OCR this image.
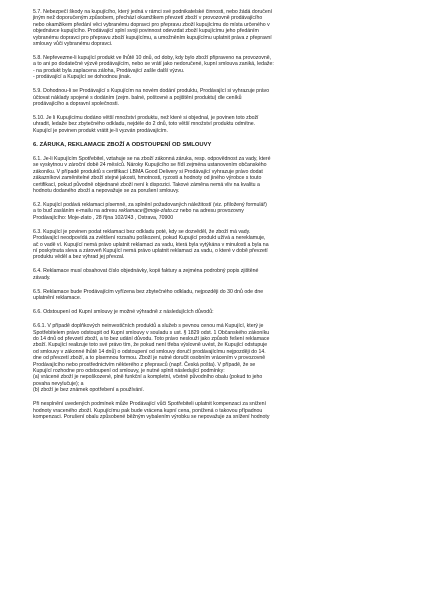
5.7. Nebezpečí škody na kupujícího, který jedná v rámci své podnikatelské činnosti, nebo žádá doručení
jiným než doporučeným způsobem, přechází okamžikem převzetí zboží v provozovně prodávajícího
nebo okamžikem předání věci vybranému dopravci pro přepravu zboží kupujícímu do místa určeného v
objednávce kupujícího. Prodávající splní svoji povinnost odevzdat zboží kupujícímu jeho předáním
vybranému dopravci pro přepravu zboží kupujícímu, a umožněním kupujícímu uplatnit práva z přepravní
smlouvy vůči vybranému dopravci.
5.8. Nepřevezme-li kupující produkt ve lhůtě 10 dnů, od doby, kdy bylo zboží připraveno na provozovně,
a to ani po dodatečné výzvě prodávajícím, nebo se vrátí jako nedoručené, kupní smlouva zaniká, ledaže:
- na produkt byla zaplacena záloha, Prodávající zašle další výzvu.
- prodávající a Kupující se dohodnou jinak.
5.9. Dohodnou-li se Prodávající s Kupujícím na novém dodání produktu, Prodávající si vyhrazuje právo
účtovat náklady spojené s dodáním (zejm. balné, poštovné a pojištění produktu) dle ceníků
prodávajícího a dopravní společnosti.
5.10. Je li Kupujícímu dodáno větší množství produktu, než které si objednal, je povinen toto zboží
uhradit, ledaže bez zbytečného odkladu, nejdéle do 2 dnů, toto větší množství produktu odmítne.
Kupující je povinen produkt vrátit je-li vyzván prodávajícím.
6. ZÁRUKA, REKLAMACE ZBOŽÍ A ODSTOUPENÍ OD SMLOUVY
6.1. Je-li Kupujícím Spotřebitel, vztahuje se na zboží zákonná záruka, resp. odpovědnost za vady, které
se vyskytnou v zároční době 24 měsíců. Nároky Kupujícího se řídí zejména ustanovením občanského
zákoníku. V případě produktů s certifikací LBMA Good Delivery si Prodávající vyhrazuje právo dodat
zákazníkovi zaměnitelné zboží stejné jakosti, hmotnosti, ryzosti a hodnoty od jiného výrobce s touto
certifikací, pokud původně objednané zboží není k dispozici. Takové záměna nemá vliv na kvalitu a
hodnotu dodaného zboží a nepovažuje se za porušení smlouvy.
6.2. Kupující podává reklamaci písemně, za splnění požadovaných náležitostí (viz. přiložený formulář)
a to buď zasláním e-mailu na adresu reklamace@moje-zlato.cz nebo na adresu provozovny
Prodávajícího: Moje-zlato , 28 října 102/243 , Ostrava, 70900
6.3. Kupující je povinen podat reklamaci bez odkladu poté, kdy se dozvěděl, že zboží má vady.
Prodávající neodpovídá za zvětšení rozsahu poškození, pokud Kupující produkt užívá a nereklamuje,
ač o vadě ví. Kupující nemá právo uplatnit reklamaci za vadu, která byla vytýkána v minulosti a byla na
ní poskytnuta sleva a zároveň Kupující nemá právo uplatnit reklamaci za vadu, o které v době převzetí
produktu věděl a bez výhrad jej převzal.
6.4. Reklamace musí obsahovat číslo objednávky, kopii faktury a zejména podrobný popis zjištěné
závady.
6.5. Reklamace bude Prodávajícím vyřízena bez zbytečného odkladu, nejpozději do 30 dnů ode dne
uplatnění reklamace.
6.6. Odstoupení od Kupní smlouvy je možné výhradně z následujících důvodů:
6.6.1. V případě doplňkových neinvestičních produktů a služeb s pevnou cenou má Kupující, který je
Spotřebitelem právo odstoupit od Kupní smlouvy v souladu s ust. § 1829 odst. 1 Občanského zákoníku
do 14 dnů od převzetí zboží, a to bez udání důvodu. Toto právo neslouží jako způsob řešení reklamace
zboží. Kupující realizuje toto své právo tím, že pokud není třeba výslovně uvést, že Kupující odstupuje
od smlouvy v zákonné lhůtě 14 dnů) o odstoupení od smlouvy doručí prodávajícímu nejpozději do 14.
dne od převzetí zboží, a to písemnou formou. Zboží je nutné doručit osobním vrácením v provozovně
Prodávajícího nebo prostřednictvím některého z přepravců (např. Česká pošta). V případě, že se
Kupující rozhodne pro odstoupení od smlouvy, je nutné splnit následující podmínky:
(a) vrácené zboží je nepoškozené, plně funkční a kompletní, včetně původního obalu (pokud to jeho
povaha nevylučuje); a
(b) zboží je bez známek opotřebení a používání.
Při nesplnění uvedených podmínek může Prodávající vůči Spotřebiteli uplatnit kompenzaci za snížení
hodnoty vraceného zboží. Kupujícímu pak bude vrácena kupní cena, ponížená o takovou případnou
kompenzaci. Porušení obalu způsobené běžným vybalením výrobku se nepovažuje za snížení hodnoty
